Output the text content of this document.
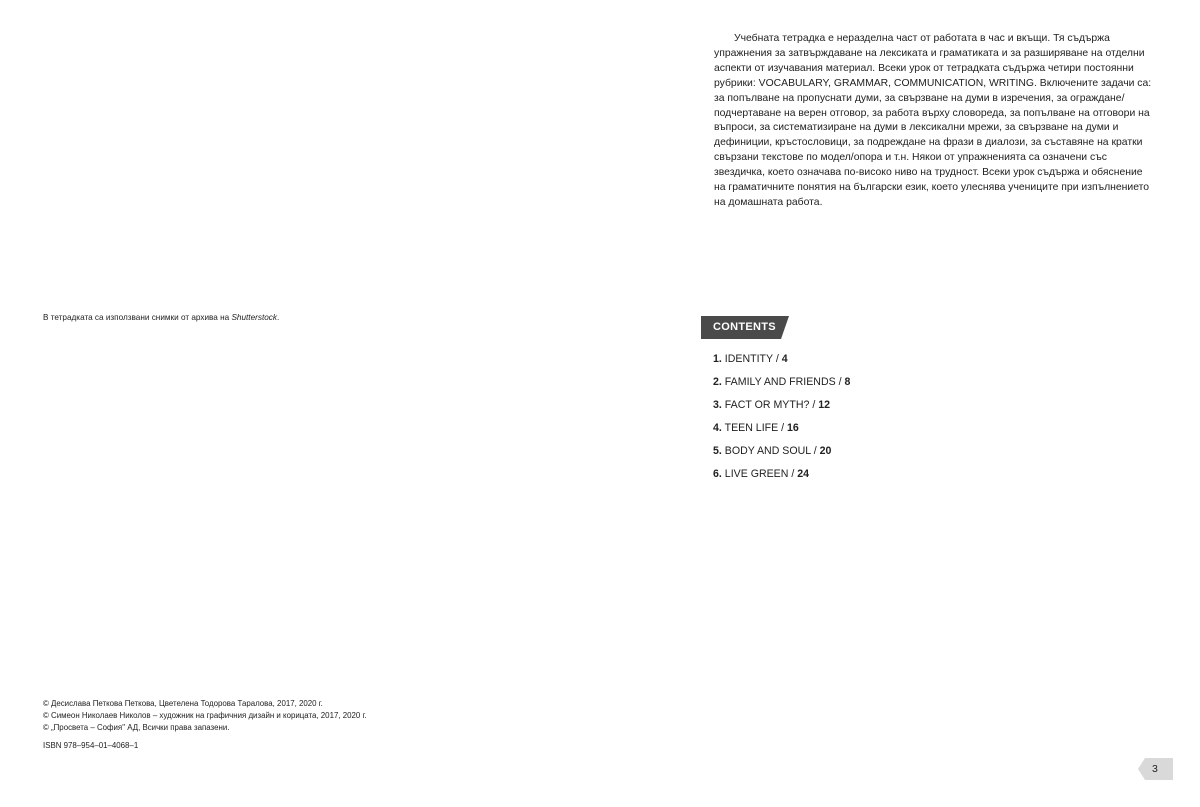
В тетрадката са използвани снимки от архива на Shutterstock.

© Десислава Петкова Петкова, Цветелена Тодорова Таралова, 2017, 2020 г.

© Симеон Николаев Николов – художник на графичния дизайн и корицата, 2017, 2020 г.

© „Просвета – София" АД, Всички права запазени.

ISBN 978–954–01–4068–1

Учебната тетрадка е неразделна част от работата в час и вкъщи. Тя съдържа упражнения за затвърждаване на лексиката и граматиката и за разширяване на отделни аспекти от изучавания материал. Всеки урок от тетрадката съдържа четири постоянни рубрики: VOCABULARY, GRAMMAR, COMMUNICATION, WRITING. Включените задачи са: за попълване на пропуснати думи, за свързване на думи в изречения, за ограждане/подчертаване на верен отговор, за работа върху словореда, за попълване на отговори на въпроси, за систематизиране на думи в лексикални мрежи, за свързване на думи и дефиниции, кръстословици, за подреждане на фрази в диалози, за съставяне на кратки свързани текстове по модел/опора и т.н. Някои от упражненията са означени със звездичка, което означава по-високо ниво на трудност. Всеки урок съдържа и обяснение на граматичните понятия на български език, което улеснява учениците при изпълнението на домашната работа.

CONTENTS
1. IDENTITY / 4
2. FAMILY AND FRIENDS / 8
3. FACT OR MYTH? / 12
4. TEEN LIFE / 16
5. BODY AND SOUL / 20
6. LIVE GREEN / 24
3
